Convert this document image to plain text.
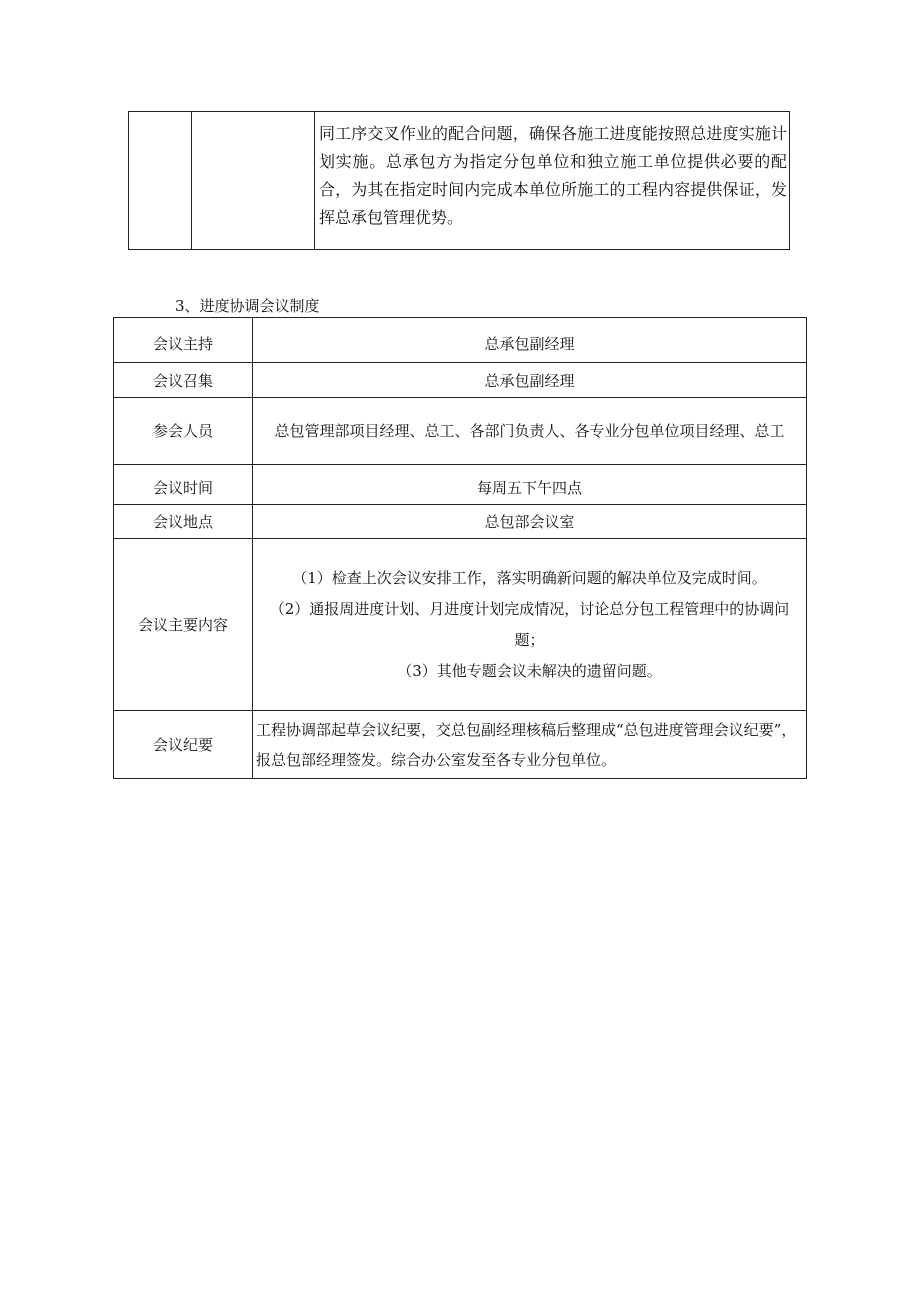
		同工序交叉作业的配合问题，确保各施工进度能按照总进度实施计划实施。总承包方为指定分包单位和独立施工单位提供必要的配合，为其在指定时间内完成本单位所施工的工程内容提供保证，发挥总承包管理优势。
3、进度协调会议制度
会议主持	总承包副经理
会议召集	总承包副经理
参会人员	总包管理部项目经理、总工、各部门负责人、各专业分包单位项目经理、总工
会议时间	每周五下午四点
会议地点	总包部会议室
会议主要内容	（1）检查上次会议安排工作，落实明确新问题的解决单位及完成时间。
（2）通报周进度计划、月进度计划完成情况，讨论总分包工程管理中的协调问题；
（3）其他专题会议未解决的遗留问题。

会议纪要	工程协调部起草会议纪要，交总包副经理核稿后整理成“总包进度管理会议纪要”，报总包部经理签发。综合办公室发至各专业分包单位。
